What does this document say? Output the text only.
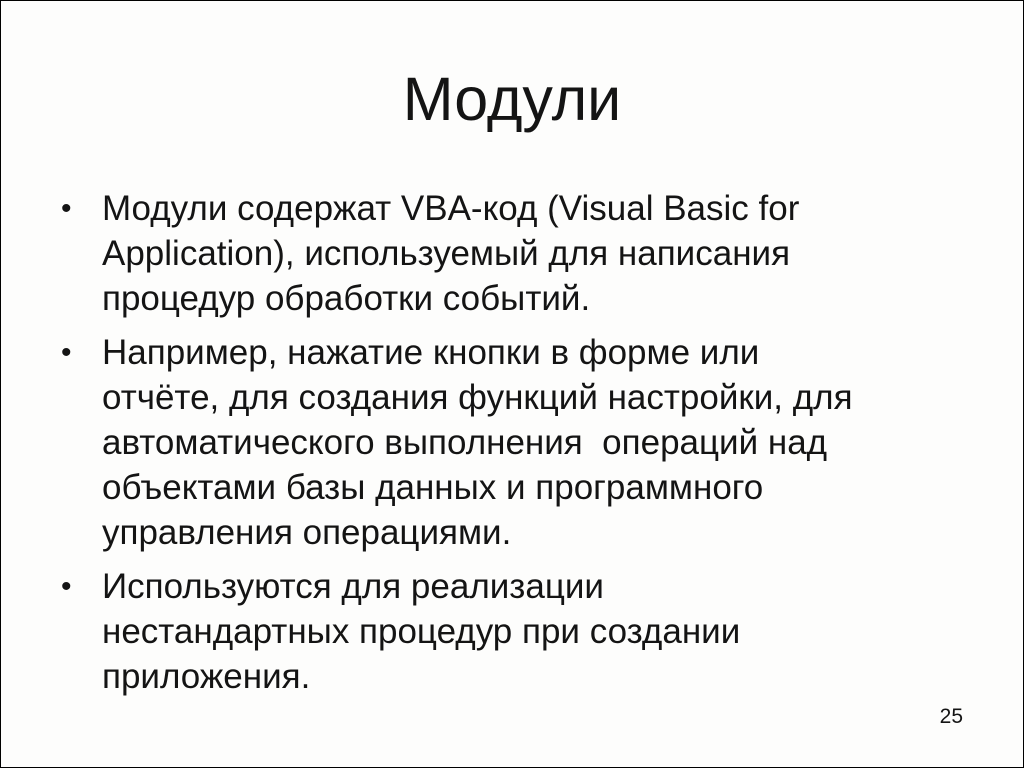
Модули
• Модули содержат VBA-код (Visual Basic for
Application), используемый для написания
процедур обработки событий.
• Например, нажатие кнопки в форме или
отчёте, для создания функций настройки, для
автоматического выполнения  операций над
объектами базы данных и программного
управления операциями.
• Используются для реализации
нестандартных процедур при создании
приложения.
25
